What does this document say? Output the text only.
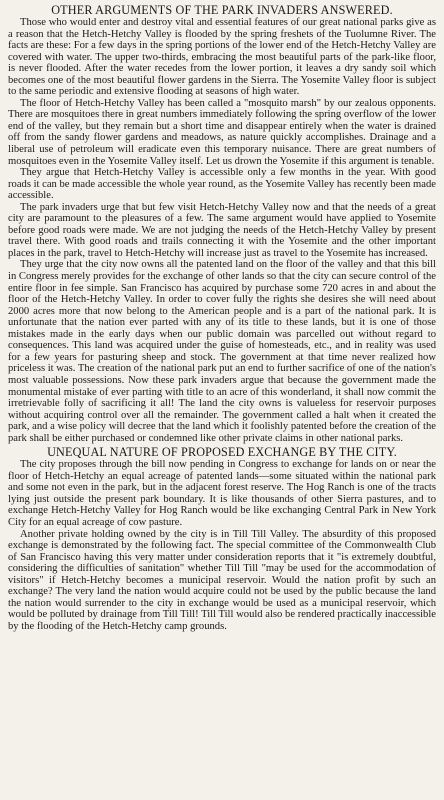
OTHER ARGUMENTS OF THE PARK INVADERS ANSWERED.

Those who would enter and destroy vital and essential features of our great national parks give as a reason that the Hetch-Hetchy Valley is flooded by the spring freshets of the Tuolumne River. The facts are these: For a few days in the spring portions of the lower end of the Hetch-Hetchy Valley are covered with water. The upper two-thirds, embracing the most beautiful parts of the park-like floor, is never flooded. After the water recedes from the lower portion, it leaves a dry sandy soil which becomes one of the most beautiful flower gardens in the Sierra. The Yosemite Valley floor is subject to the same periodic and extensive flooding at seasons of high water.

The floor of Hetch-Hetchy Valley has been called a "mosquito marsh" by our zealous opponents. There are mosquitoes there in great numbers immediately following the spring overflow of the lower end of the valley, but they remain but a short time and disappear entirely when the water is drained off from the sandy flower gardens and meadows, as nature quickly accomplishes. Drainage and a liberal use of petroleum will eradicate even this temporary nuisance. There are great numbers of mosquitoes even in the Yosemite Valley itself. Let us drown the Yosemite if this argument is tenable.

They argue that Hetch-Hetchy Valley is accessible only a few months in the year. With good roads it can be made accessible the whole year round, as the Yosemite Valley has recently been made accessible.

The park invaders urge that but few visit Hetch-Hetchy Valley now and that the needs of a great city are paramount to the pleasures of a few. The same argument would have applied to Yosemite before good roads were made. We are not judging the needs of the Hetch-Hetchy Valley by present travel there. With good roads and trails connecting it with the Yosemite and the other important places in the park, travel to Hetch-Hetchy will increase just as travel to the Yosemite has increased.

They urge that the city now owns all the patented land on the floor of the valley and that this bill in Congress merely provides for the exchange of other lands so that the city can secure control of the entire floor in fee simple. San Francisco has acquired by purchase some 720 acres in and about the floor of the Hetch-Hetchy Valley. In order to cover fully the rights she desires she will need about 2000 acres more that now belong to the American people and is a part of the national park. It is unfortunate that the nation ever parted with any of its title to these lands, but it is one of those mistakes made in the early days when our public domain was parcelled out without regard to consequences. This land was acquired under the guise of homesteads, etc., and in reality was used for a few years for pasturing sheep and stock. The government at that time never realized how priceless it was. The creation of the national park put an end to further sacrifice of one of the nation's most valuable possessions. Now these park invaders argue that because the government made the monumental mistake of ever parting with title to an acre of this wonderland, it shall now commit the irretrievable folly of sacrificing it all! The land the city owns is valueless for reservoir purposes without acquiring control over all the remainder. The government called a halt when it created the park, and a wise policy will decree that the land which it foolishly patented before the creation of the park shall be either purchased or condemned like other private claims in other national parks.

UNEQUAL NATURE OF PROPOSED EXCHANGE BY THE CITY.

The city proposes through the bill now pending in Congress to exchange for lands on or near the floor of Hetch-Hetchy an equal acreage of patented lands—some situated within the national park and some not even in the park, but in the adjacent forest reserve. The Hog Ranch is one of the tracts lying just outside the present park boundary. It is like thousands of other Sierra pastures, and to exchange Hetch-Hetchy Valley for Hog Ranch would be like exchanging Central Park in New York City for an equal acreage of cow pasture.

Another private holding owned by the city is in Till Till Valley. The absurdity of this proposed exchange is demonstrated by the following fact. The special committee of the Commonwealth Club of San Francisco having this very matter under consideration reports that it "is extremely doubtful, considering the difficulties of sanitation" whether Till Till "may be used for the accommodation of visitors" if Hetch-Hetchy becomes a municipal reservoir. Would the nation profit by such an exchange? The very land the nation would acquire could not be used by the public because the land the nation would surrender to the city in exchange would be used as a municipal reservoir, which would be polluted by drainage from Till Till! Till Till would also be rendered practically inaccessible by the flooding of the Hetch-Hetchy camp grounds.
